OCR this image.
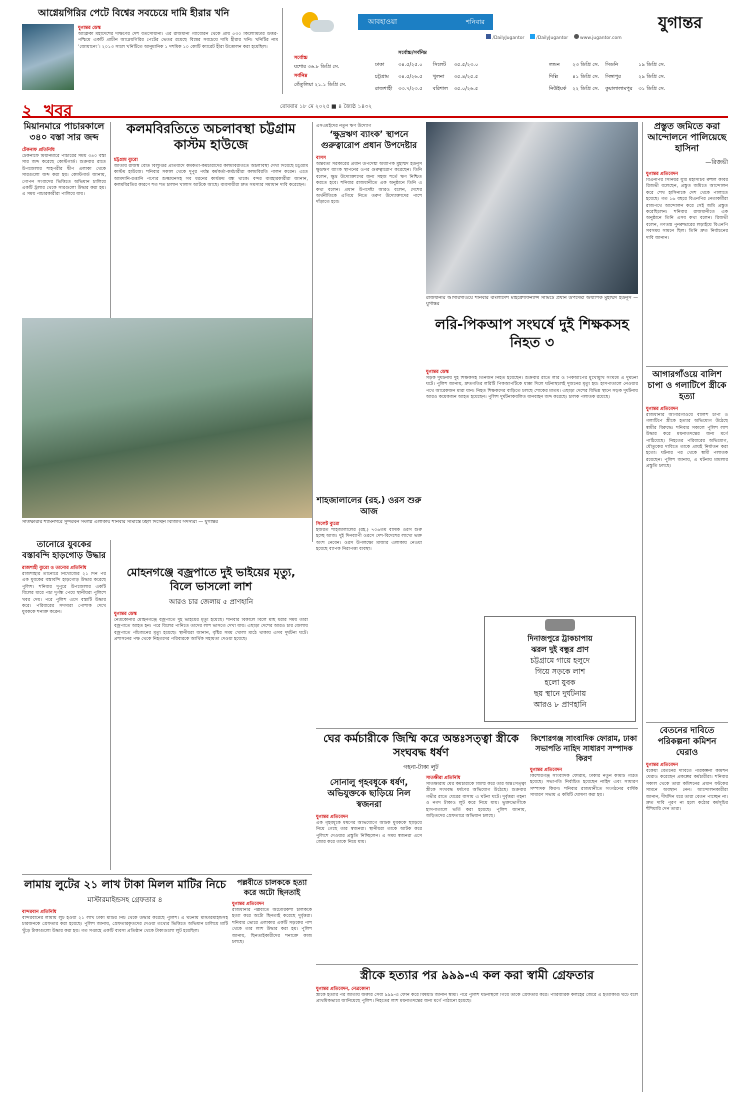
আগ্নেয়গিরির পেটে বিশ্বের সবচেয়ে দামি হীরার খনি
যুগান্তর ডেস্ক
আফ্রিকা মহাদেশের দক্ষিণের দেশ বতসোয়ানা। এর রাজধানী গ্যাবোরন থেকে প্রায় ৫৩০ কিলোমিটার উত্তর-পশ্চিমে একটি প্রাচীন আগ্নেয়গিরির পেটের ভেতর রয়েছে বিশ্বের সবচেয়ে দামি হীরার খনি। খনিটির নাম ‘জোয়ানেং’। ২০১৩ সালে খনিটিতে আনুমানিক ১ দশমিক ১০ কোটি ক্যারেট হীরা উত্তোলন করা হয়েছিল।
আবহাওয়া	শনিবার	যুগান্তর
/DailyJugantor	/DailyJugantor	www.jugantor.com
সর্বোচ্চ
যশোর ৩৬.৮ ডিগ্রি সে.
সর্বনিম্ন
তেঁতুলিয়া ২১.১ ডিগ্রি সে.
	সর্বোচ্চ/সর্বনিম্ন		
ঢাকা	৩৪.৫/২৫.০	সিলেট	৩৫.৫/২৩.০
চট্টগ্রাম	৩৪.৫/২৬.৫	খুলনা	৩৫.৪/২৫.৫
রাজশাহী	৩৩.৭/২৩.৫	বরিশাল	৩৫.০/২৬.৫
লন্ডন	২৩ ডিগ্রি সে.	সিডনি	১৯ ডিগ্রি সে.
দিল্লি	৪১ ডিগ্রি সে.	সিঙ্গাপুর	২৯ ডিগ্রি সে.
নিউইয়র্ক	২২ ডিগ্রি সে.	কুয়ালালামপুর	৩১ ডিগ্রি সে.
২ খবর	রোববার ১৮ মে ২০২৫ ■ ৪ জ্যৈষ্ঠ ১৪৩২
মিয়ানমারে পাচারকালে ৩৪০ বস্তা সার জব্দ
টেকনাফ প্রতিনিধি
টেকনাফে মিয়ানমারে পাচারের সময় ৩৪০ বস্তা সার জব্দ করেছে কোস্টগার্ড। শুক্রবার রাতে উপজেলার শাহপরীর দ্বীপ এলাকা থেকে সারগুলো জব্দ করা হয়। কোস্টগার্ড জানায়, গোপন সংবাদের ভিত্তিতে অভিযান চালিয়ে একটি ট্রলার থেকে সারগুলো উদ্ধার করা হয়। এ সময় পাচারকারীরা পালিয়ে যায়।
কলমবিরতিতে অচলাবস্থা চট্টগ্রাম কাস্টম হাউজে
চট্টগ্রাম ব্যুরো
জাতীয় রাজস্ব বোর্ড বিলুপ্তির প্রতিবাদে কর্মকর্তা-কর্মচারীদের কলমবিরতিতে অচলাবস্থা দেখা দিয়েছে চট্টগ্রাম কাস্টম হাউজে। শনিবার সকাল থেকে দুপুর পর্যন্ত কর্মকর্তা-কর্মচারীরা কলমবিরতি পালন করেন। এতে আমদানি-রপ্তানি পণ্যের শুল্কায়নসহ সব ধরনের কার্যক্রম বন্ধ থাকে। বন্দর ব্যবহারকারীরা জানান, কলমবিরতির কারণে শত শত চালান খালাস আটকে আছে। ব্যবসায়ীরা দ্রুত সমস্যার সমাধান দাবি করেছেন।
এসএমইদের নতুন ঋণ উদ্যোগ
‘ক্ষুদ্রঋণ ব্যাংক’ স্থাপনে গুরুত্বারোপ প্রধান উপদেষ্টার
বাসস
অন্তর্বর্তী সরকারের প্রধান উপদেষ্টা অধ্যাপক মুহাম্মদ ইউনূস ক্ষুদ্রঋণ ব্যাংক স্থাপনের ওপর গুরুত্বারোপ করেছেন। তিনি বলেন, ক্ষুদ্র উদ্যোক্তাদের জন্য সহজ শর্তে ঋণ নিশ্চিত করতে হবে। শনিবার রাজধানীতে এক অনুষ্ঠানে তিনি এ কথা বলেন। প্রধান উপদেষ্টা আরও বলেন, দেশের অর্থনীতিকে এগিয়ে নিতে তরুণ উদ্যোক্তাদের পাশে দাঁড়াতে হবে।
রাজধানীর আগারগাঁওয়ে শনিবার বাংলাদেশ মাইক্রোফিন্যান্স সামিটে প্রধান উপদেষ্টা অধ্যাপক মুহাম্মদ ইউনূস — যুগান্তর
প্রস্তুত জমিতে করা আন্দোলনে পালিয়েছে হাসিনা
—রিজভী
যুগান্তর প্রতিবেদন
বিএনপির সিনিয়র যুগ্ম মহাসচিব রুহুল কবির রিজভী বলেছেন, প্রস্তুত জমিতে আন্দোলন করে শেখ হাসিনাকে দেশ থেকে পালাতে হয়েছে। গত ১৬ বছরে বিএনপির নেতাকর্মীরা রাজপথে আন্দোলন করে সেই জমি প্রস্তুত করেছিলেন। শনিবার রাজধানীতে এক অনুষ্ঠানে তিনি এসব কথা বলেন। রিজভী বলেন, গণতন্ত্র পুনরুদ্ধারের লড়াইয়ে বিএনপি সবসময় সামনে ছিল। তিনি দ্রুত নির্বাচনের দাবি জানান।
লরি-পিকআপ সংঘর্ষে দুই শিক্ষকসহ নিহত ৩
যুগান্তর ডেস্ক
সড়ক দুর্ঘটনায় দুই শিক্ষকসহ তিনজন নিহত হয়েছেন। শুক্রবার রাতে লরি ও পিকআপের মুখোমুখি সংঘর্ষে এ দুর্ঘটনা ঘটে। পুলিশ জানায়, দ্রুতগতির লরিটি পিকআপটিকে ধাক্কা দিলে ঘটনাস্থলেই দুজনের মৃত্যু হয়। হাসপাতালে নেওয়ার পথে আরেকজন মারা যান। নিহত শিক্ষকদের বাড়িতে চলছে শোকের মাতম। এছাড়া দেশের বিভিন্ন স্থানে সড়ক দুর্ঘটনায় আরও কয়েকজন আহত হয়েছেন। পুলিশ দুর্ঘটনাকবলিত যানবাহন জব্দ করেছে। চালক পলাতক রয়েছে।
আগারগাঁওয়ে বালিশ চাপা ও গলাটিপে স্ত্রীকে হত্যা
যুগান্তর প্রতিবেদন
রাজধানীর আগারগাঁওয়ে বালিশ চাপা ও গলাটিপে স্ত্রীকে হত্যার অভিযোগ উঠেছে স্বামীর বিরুদ্ধে। শনিবার সকালে পুলিশ লাশ উদ্ধার করে ময়নাতদন্তের জন্য মর্গে পাঠিয়েছে। নিহতের পরিবারের অভিযোগ, যৌতুকের দাবিতে তাকে প্রায়ই নির্যাতন করা হতো। ঘটনার পর থেকে স্বামী পলাতক রয়েছেন। পুলিশ জানায়, এ ঘটনায় মামলার প্রস্তুতি চলছে।
সাতক্ষীরার শ্যামনগরে সুন্দরবন সংলগ্ন এলাকায় শনিবার সীমান্তে টহল দিচ্ছেন বিজিবি সদস্যরা — যুগান্তর
শাহজালালের (রহ.) ওরস শুরু আজ
সিলেট ব্যুরো
হজরত শাহজালালের (রহ.) ৭০৬তম বার্ষিক ওরস শুরু হচ্ছে আজ। দুই দিনব্যাপী ওরসে দেশ-বিদেশের লাখো ভক্ত অংশ নেবেন। ওরস উপলক্ষ্যে মাজার এলাকায় নেওয়া হয়েছে ব্যাপক নিরাপত্তা ব্যবস্থা।
দিনাজপুরে ট্রাকচাপায়
ঝরল দুই বন্ধুর প্রাণ
চট্টগ্রামে গায়ে হলুদে
গিয়ে সড়কে লাশ
হলো যুবক
ছয় স্থানে দুর্ঘটনায়
আরও ৮ প্রাণহানি
তানোরে যুবকের বস্তাবন্দি হাড়গোড় উদ্ধার
রাজশাহী ব্যুরো ও তানোর প্রতিনিধি
রাজশাহীর তানোরে নিখোঁজের ২১ দিন পর এক যুবকের বস্তাবন্দি হাড়গোড় উদ্ধার করেছে পুলিশ। শনিবার দুপুরে উপজেলার একটি বিলের ধারে পচা দুর্গন্ধ পেয়ে স্থানীয়রা পুলিশে খবর দেয়। পরে পুলিশ এসে বস্তাটি উদ্ধার করে। পরিবারের সদস্যরা পোশাক দেখে যুবককে শনাক্ত করেন।
মোহনগঞ্জে বজ্রপাতে দুই ভাইয়ের মৃত্যু, বিলে ভাসলো লাশ
আরও চার জেলায় ৫ প্রাণহানি
যুগান্তর ডেস্ক
নেত্রকোনার মোহনগঞ্জে বজ্রপাতে দুই ভাইয়ের মৃত্যু হয়েছে। শনিবার বিকালে বিলে মাছ ধরার সময় তারা বজ্রপাতে আহত হন। পরে বিলের পানিতে তাদের লাশ ভাসতে দেখা যায়। এছাড়া দেশের আরও চার জেলায় বজ্রপাতে পাঁচজনের মৃত্যু হয়েছে। স্থানীয়রা জানান, বৃষ্টির সময় খোলা মাঠে থাকায় এসব দুর্ঘটনা ঘটে। প্রশাসনের পক্ষ থেকে নিহতদের পরিবারকে আর্থিক সহায়তা দেওয়া হয়েছে।
সোনালু গৃহবধূকে ধর্ষণ, অভিযুক্তকে ছাড়িয়ে নিল স্বজনরা
যুগান্তর প্রতিবেদন
এক গৃহবধূকে ধর্ষণের অভিযোগে আটক যুবককে ছাড়িয়ে নিয়ে গেছে তার স্বজনরা। স্থানীয়রা তাকে আটক করে পুলিশে দেওয়ার প্রস্তুতি নিচ্ছিলেন। এ সময় স্বজনরা এসে জোর করে তাকে নিয়ে যায়।
ঘের কর্মচারীকে জিম্মি করে অন্তঃসত্ত্বা স্ত্রীকে সংঘবদ্ধ ধর্ষণ
গহনা-টাকা লুট
সাতক্ষীরা প্রতিনিধি
সাতক্ষীরায় ঘের কর্মচারীকে জিম্মি করে তার অন্তঃসত্ত্বা স্ত্রীকে সংঘবদ্ধ ধর্ষণের অভিযোগ উঠেছে। শুক্রবার গভীর রাতে ঘেরের বাসায় এ ঘটনা ঘটে। দুর্বৃত্তরা গহনা ও নগদ টাকাও লুট করে নিয়ে যায়। ভুক্তভোগীকে হাসপাতালে ভর্তি করা হয়েছে। পুলিশ জানায়, জড়িতদের গ্রেফতারে অভিযান চলছে।
কিশোরগঞ্জ সাংবাদিক ফোরাম, ঢাকা সভাপতি নাহিদ সাধারণ সম্পাদক কিরণ
যুগান্তর প্রতিবেদন
কিশোরগঞ্জ সাংবাদিক ফোরাম, ঢাকার নতুন কমিটি গঠিত হয়েছে। সভাপতি নির্বাচিত হয়েছেন নাহিদ এবং সাধারণ সম্পাদক কিরণ। শনিবার রাজধানীতে সংগঠনের বার্ষিক সাধারণ সভায় এ কমিটি ঘোষণা করা হয়।
বেতনের দাবিতে পরিকল্পনা কমিশন ঘেরাও
যুগান্তর প্রতিবেদন
বকেয়া বেতনের দাবিতে পরিকল্পনা কমিশন ঘেরাও করেছেন প্রকল্পের কর্মচারীরা। শনিবার সকাল থেকে তারা কমিশনের প্রধান ফটকের সামনে অবস্থান নেন। আন্দোলনকারীরা জানান, দীর্ঘদিন ধরে তারা বেতন পাচ্ছেন না। দ্রুত দাবি পূরণ না হলে কঠোর কর্মসূচির হুঁশিয়ারি দেন তারা।
লামায় লুটের ২১ লাখ টাকা মিলল মাটির নিচে
মাস্টারমাইন্ডসহ গ্রেফতার ৪
বান্দরবান প্রতিনিধি
বান্দরবানের লামায় লুট হওয়া ২১ লাখ টাকা মাটির নিচ থেকে উদ্ধার করেছে পুলিশ। এ ঘটনায় মাস্টারমাইন্ডসহ চারজনকে গ্রেফতার করা হয়েছে। পুলিশ জানায়, গ্রেফতারকৃতদের দেওয়া তথ্যের ভিত্তিতে অভিযান চালিয়ে মাটি খুঁড়ে টাকাগুলো উদ্ধার করা হয়। গত সপ্তাহে একটি ব্যবসা প্রতিষ্ঠান থেকে টাকাগুলো লুট হয়েছিল।
পল্লবীতে চালককে হত্যা করে অটো ছিনতাই
যুগান্তর প্রতিবেদন
রাজধানীর পল্লবীতে অটোরিকশা চালককে হত্যা করে অটো ছিনতাই করেছে দুর্বৃত্তরা। শনিবার ভোরে এলাকার একটি সড়কের পাশ থেকে তার লাশ উদ্ধার করা হয়। পুলিশ জানায়, ছিনতাইকারীদের শনাক্তে কাজ চলছে।
স্ত্রীকে হত্যার পর ৯৯৯-এ কল করা স্বামী গ্রেফতার
যুগান্তর প্রতিবেদন, নেত্রকোনা
স্ত্রীকে হত্যার পর জাতীয় জরুরি সেবা ৯৯৯-এ ফোন করে বিষয়টি জানান স্বামী। পরে পুলিশ ঘটনাস্থলে গিয়ে তাকে গ্রেফতার করে। পারিবারিক কলহের জেরে এ হত্যাকাণ্ড ঘটে বলে প্রাথমিকভাবে জানিয়েছে পুলিশ। নিহতের লাশ ময়নাতদন্তের জন্য মর্গে পাঠানো হয়েছে।
